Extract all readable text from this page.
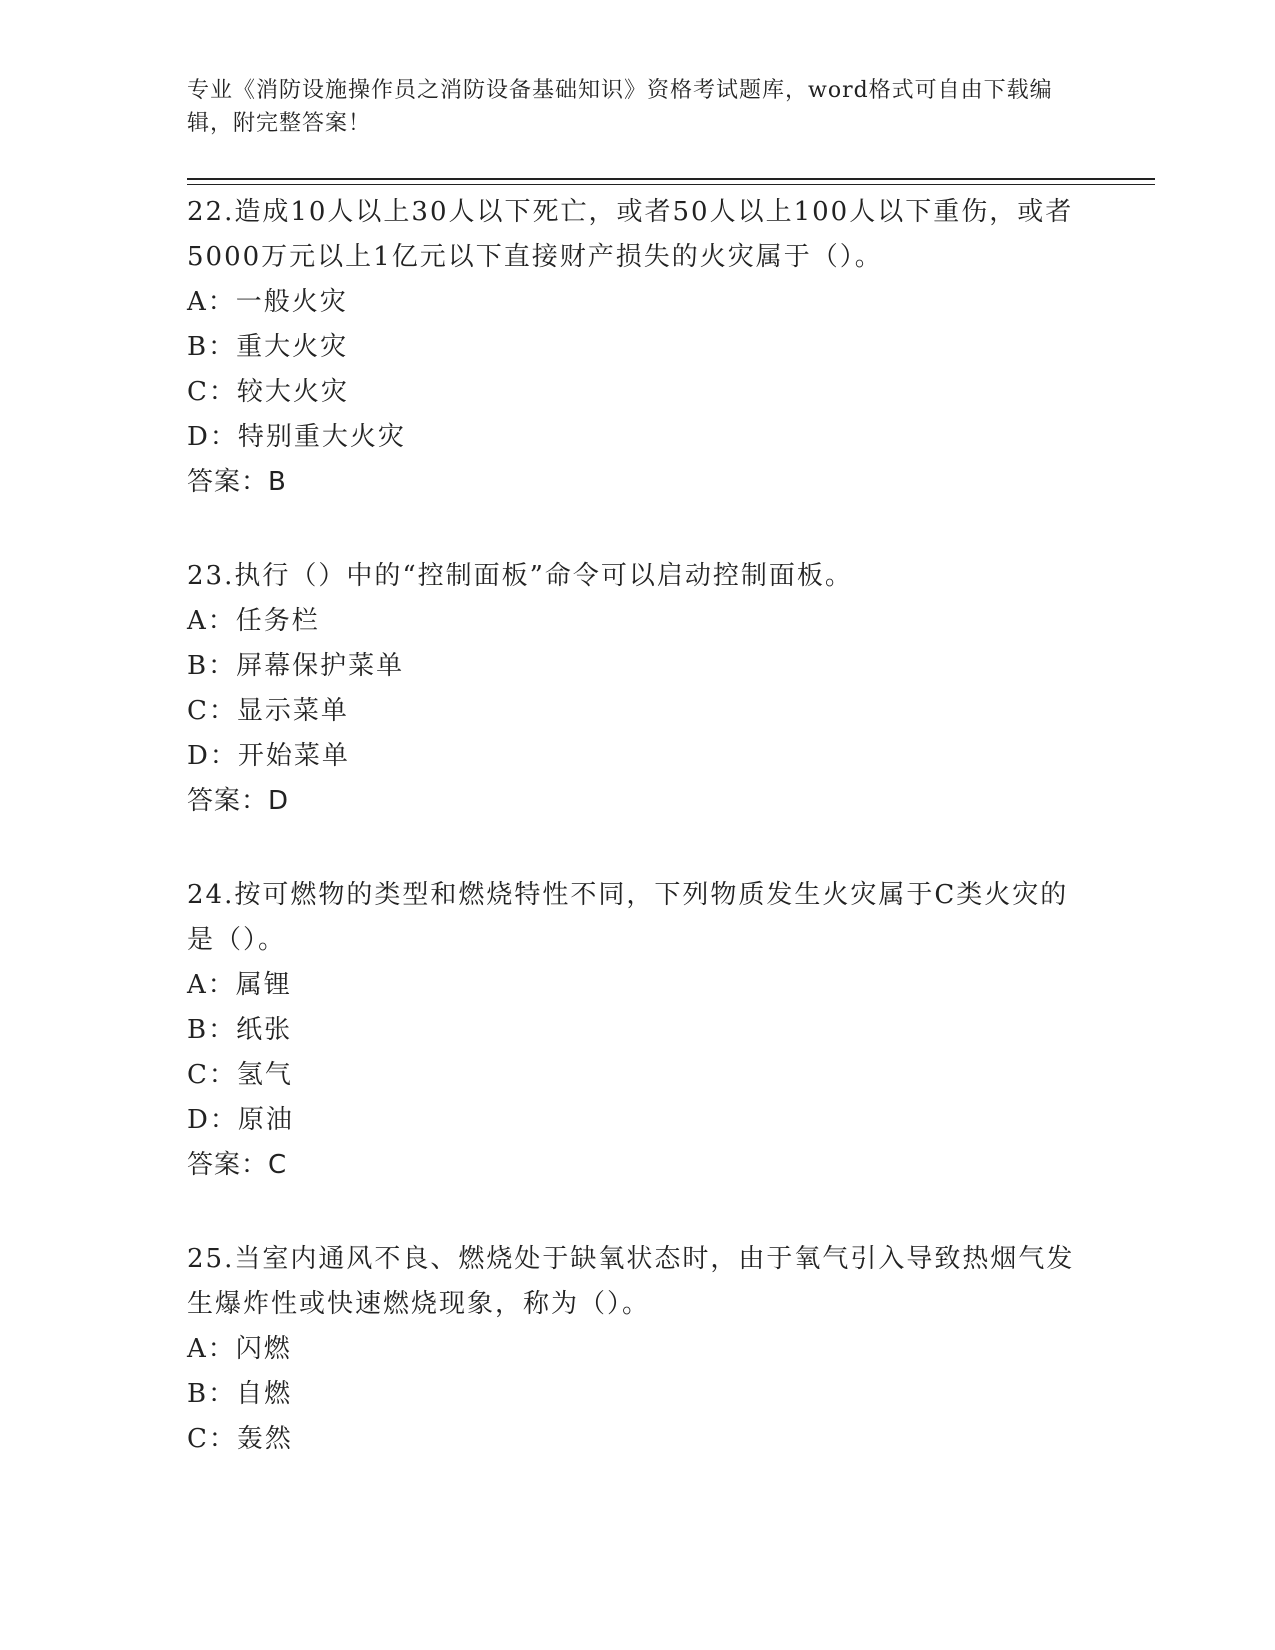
专业《消防设施操作员之消防设备基础知识》资格考试题库，word格式可自由下载编辑，附完整答案！

22.造成10人以上30人以下死亡，或者50人以上100人以下重伤，或者5000万元以上1亿元以下直接财产损失的火灾属于（）。

A：一般火灾

B：重大火灾

C：较大火灾

D：特别重大火灾

答案：B

23.执行（）中的“控制面板”命令可以启动控制面板。

A：任务栏

B：屏幕保护菜单

C：显示菜单

D：开始菜单

答案：D

24.按可燃物的类型和燃烧特性不同，下列物质发生火灾属于C类火灾的是（）。

A：属锂

B：纸张

C：氢气

D：原油

答案：C

25.当室内通风不良、燃烧处于缺氧状态时，由于氧气引入导致热烟气发生爆炸性或快速燃烧现象，称为（）。

A：闪燃

B：自燃

C：轰然
